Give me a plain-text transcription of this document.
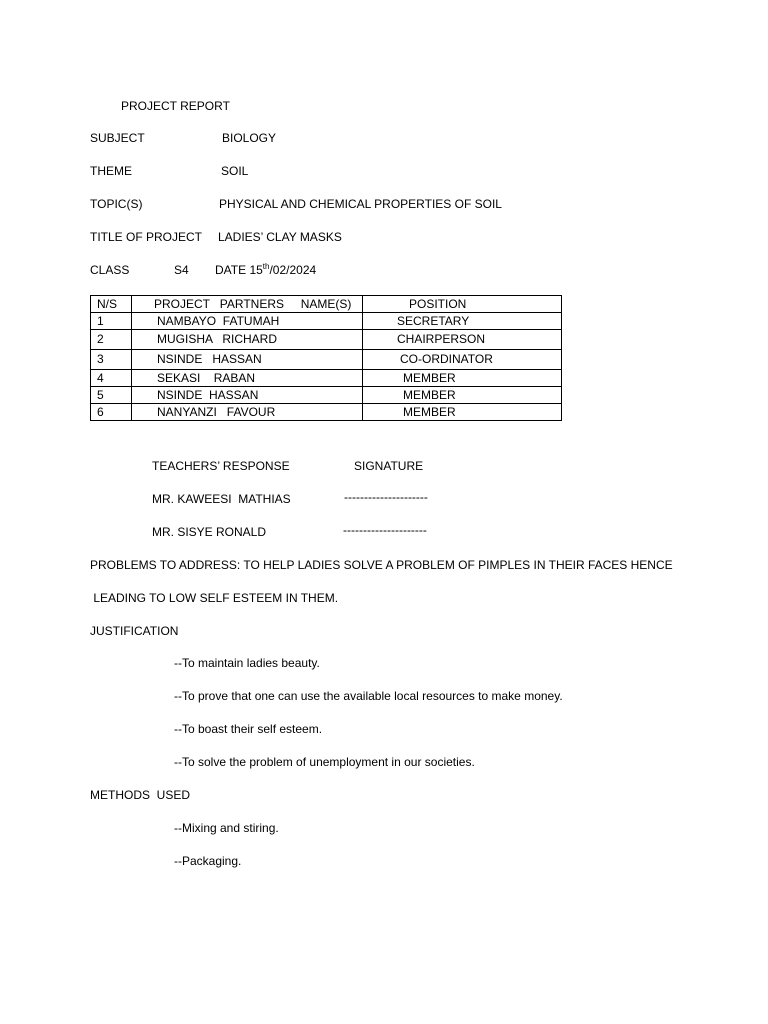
PROJECT REPORT
SUBJECT	BIOLOGY
THEME	SOIL
TOPIC(S)	PHYSICAL AND CHEMICAL PROPERTIES OF SOIL
TITLE OF PROJECT LADIES’ CLAY MASKS
CLASS	S4 DATE 15th/02/2024
N/S	PROJECT   PARTNERS     NAME(S)	POSITION
1	NAMBAYO  FATUMAH	SECRETARY
2	MUGISHA   RICHARD	CHAIRPERSON
3	NSINDE   HASSAN	CO-ORDINATOR
4	SEKASI    RABAN	MEMBER
5	NSINDE  HASSAN	MEMBER
6	NANYANZI   FAVOUR	MEMBER
TEACHERS’ RESPONSE	SIGNATURE
MR. KAWEESI  MATHIAS	---------------------
MR. SISYE RONALD	---------------------
PROBLEMS TO ADDRESS: TO HELP LADIES SOLVE A PROBLEM OF PIMPLES IN THEIR FACES HENCE
LEADING TO LOW SELF ESTEEM IN THEM.
JUSTIFICATION
--To maintain ladies beauty.
--To prove that one can use the available local resources to make money.
--To boast their self esteem.
--To solve the problem of unemployment in our societies.
METHODS  USED
--Mixing and stiring.
--Packaging.
